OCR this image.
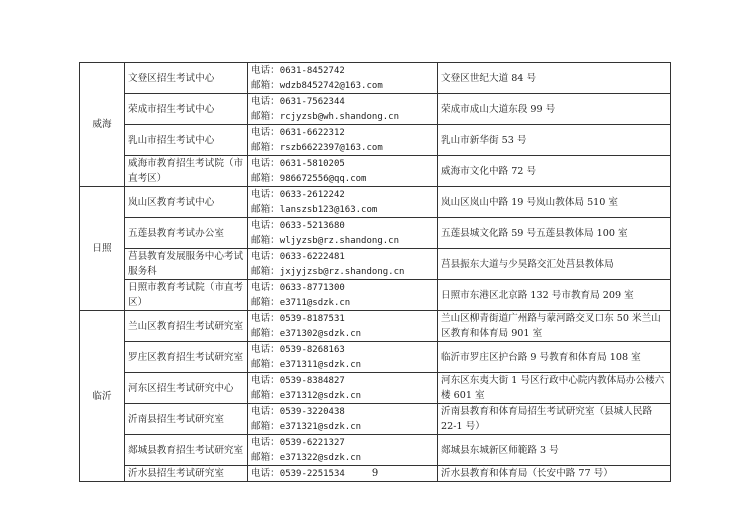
威海	文登区招生考试中心	电话：0631-8452742
邮箱：wdzb8452742@163.com	文登区世纪大道 84 号
	荣成市招生考试中心	电话：0631-7562344
邮箱：rcjyzsb@wh.shandong.cn	荣成市成山大道东段 99 号
	乳山市招生考试中心	电话：0631-6622312
邮箱：rszb6622397@163.com	乳山市新华街 53 号
	威海市教育招生考试院（市直考区）	电话：0631-5810205
邮箱：986672556@qq.com	威海市文化中路 72 号
日照	岚山区教育考试中心	电话：0633-2612242
邮箱：lanszsb123@163.com	岚山区岚山中路 19 号岚山教体局 510 室
	五莲县教育考试办公室	电话：0633-5213680
邮箱：wljyzsb@rz.shandong.cn	五莲县城文化路 59 号五莲县教体局 100 室
	莒县教育发展服务中心考试服务科	电话：0633-6222481
邮箱：jxjyjzsb@rz.shandong.cn	莒县振东大道与少昊路交汇处莒县教体局
	日照市教育考试院（市直考区）	电话：0633-8771300
邮箱：e3711@sdzk.cn	日照市东港区北京路 132 号市教育局 209 室
临沂	兰山区教育招生考试研究室	电话：0539-8187531
邮箱：e371302@sdzk.cn	兰山区柳青街道广州路与蒙河路交叉口东 50 米兰山区教育和体育局 901 室
	罗庄区教育招生考试研究室	电话：0539-8268163
邮箱：e371311@sdzk.cn	临沂市罗庄区护台路 9 号教育和体育局 108 室
	河东区招生考试研究中心	电话：0539-8384827
邮箱：e371312@sdzk.cn	河东区东夷大街 1 号区行政中心院内教体局办公楼六楼 601 室
	沂南县招生考试研究室	电话：0539-3220438
邮箱：e371321@sdzk.cn	沂南县教育和体育局招生考试研究室（县城人民路 22-1 号）
	郯城县教育招生考试研究室	电话：0539-6221327
邮箱：e371322@sdzk.cn	郯城县东城新区师範路 3 号
	沂水县招生考试研究室	电话：0539-2251534	沂水县教育和体育局（长安中路 77 号）
9
